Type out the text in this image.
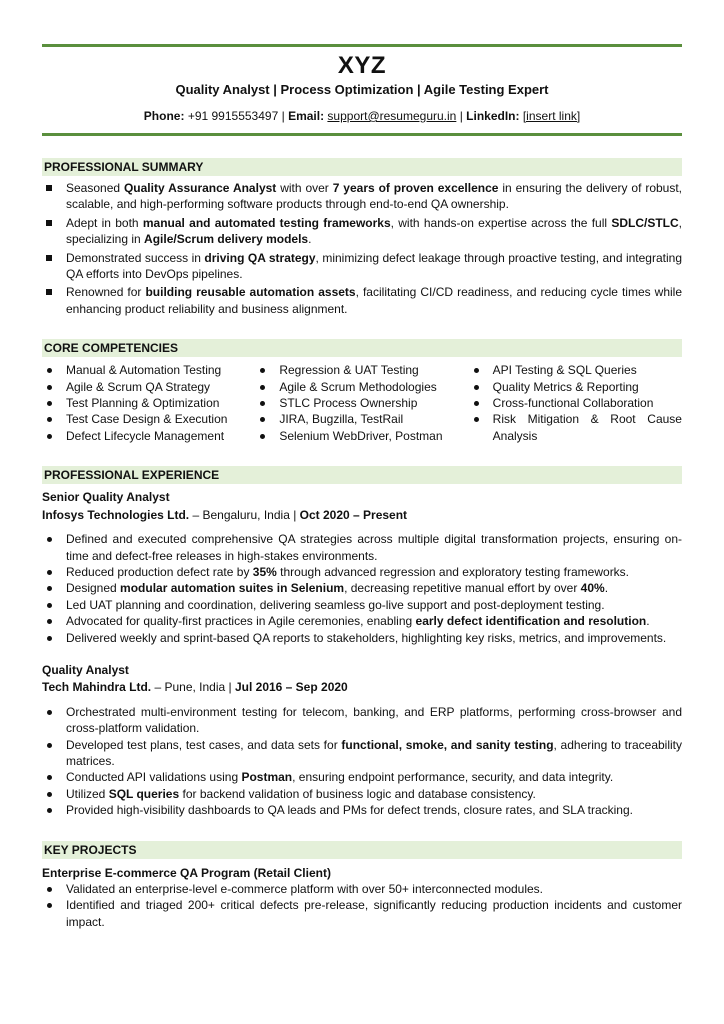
XYZ
Quality Analyst | Process Optimization | Agile Testing Expert
Phone: +91 9915553497 | Email: support@resumeguru.in | LinkedIn: [insert link]
PROFESSIONAL SUMMARY
Seasoned Quality Assurance Analyst with over 7 years of proven excellence in ensuring the delivery of robust, scalable, and high-performing software products through end-to-end QA ownership.
Adept in both manual and automated testing frameworks, with hands-on expertise across the full SDLC/STLC, specializing in Agile/Scrum delivery models.
Demonstrated success in driving QA strategy, minimizing defect leakage through proactive testing, and integrating QA efforts into DevOps pipelines.
Renowned for building reusable automation assets, facilitating CI/CD readiness, and reducing cycle times while enhancing product reliability and business alignment.
CORE COMPETENCIES
Manual & Automation Testing
Agile & Scrum QA Strategy
Test Planning & Optimization
Test Case Design & Execution
Defect Lifecycle Management
Regression & UAT Testing
Agile & Scrum Methodologies
STLC Process Ownership
JIRA, Bugzilla, TestRail
Selenium WebDriver, Postman
API Testing & SQL Queries
Quality Metrics & Reporting
Cross-functional Collaboration
Risk Mitigation & Root Cause Analysis
PROFESSIONAL EXPERIENCE
Senior Quality Analyst
Infosys Technologies Ltd. – Bengaluru, India | Oct 2020 – Present
Defined and executed comprehensive QA strategies across multiple digital transformation projects, ensuring on-time and defect-free releases in high-stakes environments.
Reduced production defect rate by 35% through advanced regression and exploratory testing frameworks.
Designed modular automation suites in Selenium, decreasing repetitive manual effort by over 40%.
Led UAT planning and coordination, delivering seamless go-live support and post-deployment testing.
Advocated for quality-first practices in Agile ceremonies, enabling early defect identification and resolution.
Delivered weekly and sprint-based QA reports to stakeholders, highlighting key risks, metrics, and improvements.
Quality Analyst
Tech Mahindra Ltd. – Pune, India | Jul 2016 – Sep 2020
Orchestrated multi-environment testing for telecom, banking, and ERP platforms, performing cross-browser and cross-platform validation.
Developed test plans, test cases, and data sets for functional, smoke, and sanity testing, adhering to traceability matrices.
Conducted API validations using Postman, ensuring endpoint performance, security, and data integrity.
Utilized SQL queries for backend validation of business logic and database consistency.
Provided high-visibility dashboards to QA leads and PMs for defect trends, closure rates, and SLA tracking.
KEY PROJECTS
Enterprise E-commerce QA Program (Retail Client)
Validated an enterprise-level e-commerce platform with over 50+ interconnected modules.
Identified and triaged 200+ critical defects pre-release, significantly reducing production incidents and customer impact.
